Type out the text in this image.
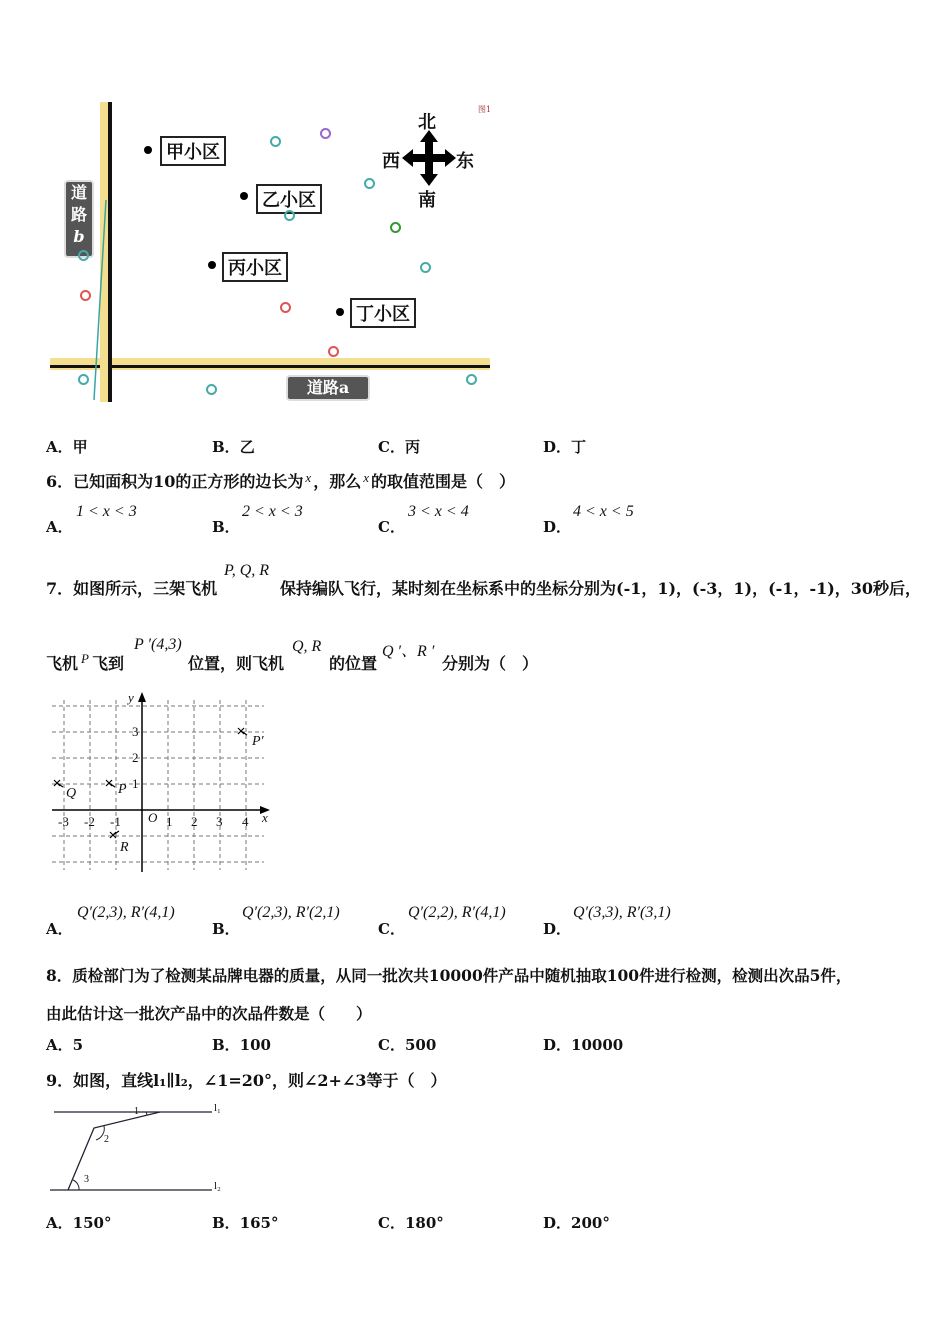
道
路
b
道路a
甲小区
乙小区
丙小区
丁小区
北
南
西	东
图1
A．甲	B．乙	C．丙	D．丁
6．已知面积为10的正方形的边长为 $^x$ ，那么 $^x$ 的取值范围是（　）
A．
1 < x < 3
B．
2 < x < 3
C．
3 < x < 4
D．
4 < x < 5
7．如图所示，三架飞机
P, Q, R
保持编队飞行，某时刻在坐标系中的坐标分别为(-1，1)，(-3，1)，(-1，-1)，30秒后，
飞机 $^P$ 飞到
P ′(4,3)
位置，则飞机
Q, R
的位置
Q ′、R ′
分别为（　）
y
x
O
-3 -2 -1	1 2 3 4
1
2
3
Q	P
R
P′
A．
Q′(2,3), R′(4,1)
B．
Q′(2,3), R′(2,1)
C．
Q′(2,2), R′(4,1)
D．
Q′(3,3), R′(3,1)
8．质检部门为了检测某品牌电器的质量，从同一批次共10000件产品中随机抽取100件进行检测，检测出次品5件，
由此估计这一批次产品中的次品件数是（　　）
A．5	B．100	C．500	D．10000
9．如图，直线l₁∥l₂，∠1=20°，则∠2+∠3等于（　）
l₁
l₂
1
2
3
A．150°	B．165°	C．180°	D．200°
